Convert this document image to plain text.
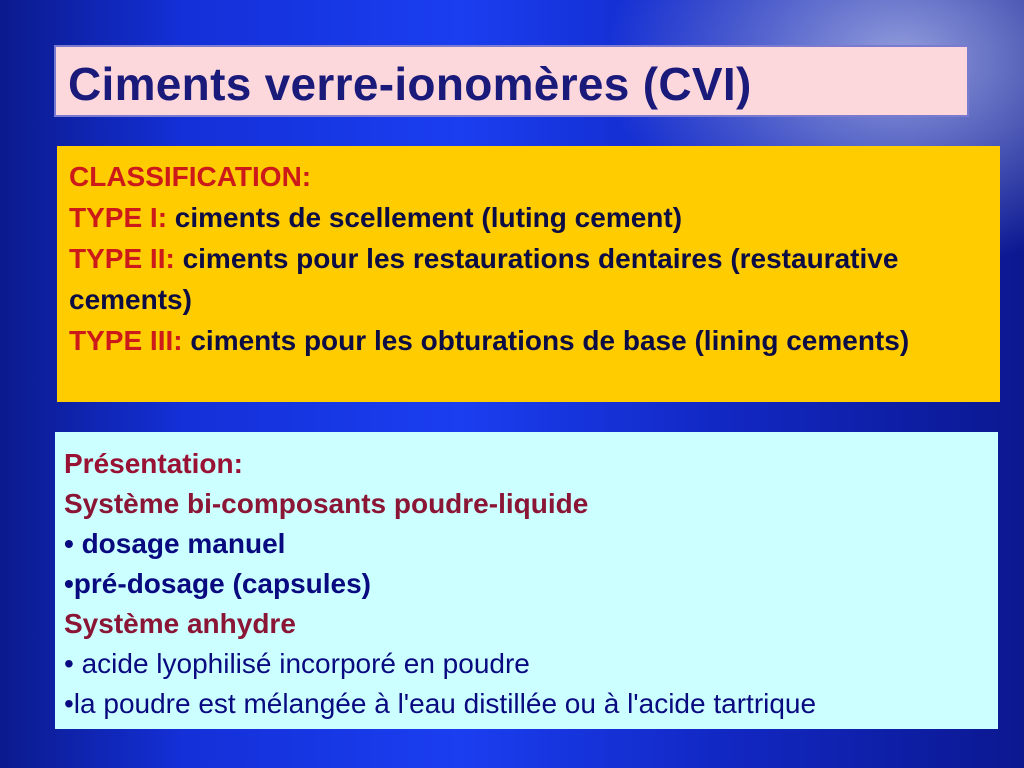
Ciments verre-ionomères (CVI)

CLASSIFICATION:

TYPE I: ciments de scellement (luting cement)

TYPE II: ciments pour les restaurations dentaires (restaurative cements)

TYPE III: ciments pour les obturations de base (lining cements)

Présentation:

Système bi-composants poudre-liquide

• dosage manuel

•pré-dosage (capsules)

Système anhydre

• acide lyophilisé incorporé en poudre

•la poudre est mélangée à l'eau distillée ou à l'acide tartrique
